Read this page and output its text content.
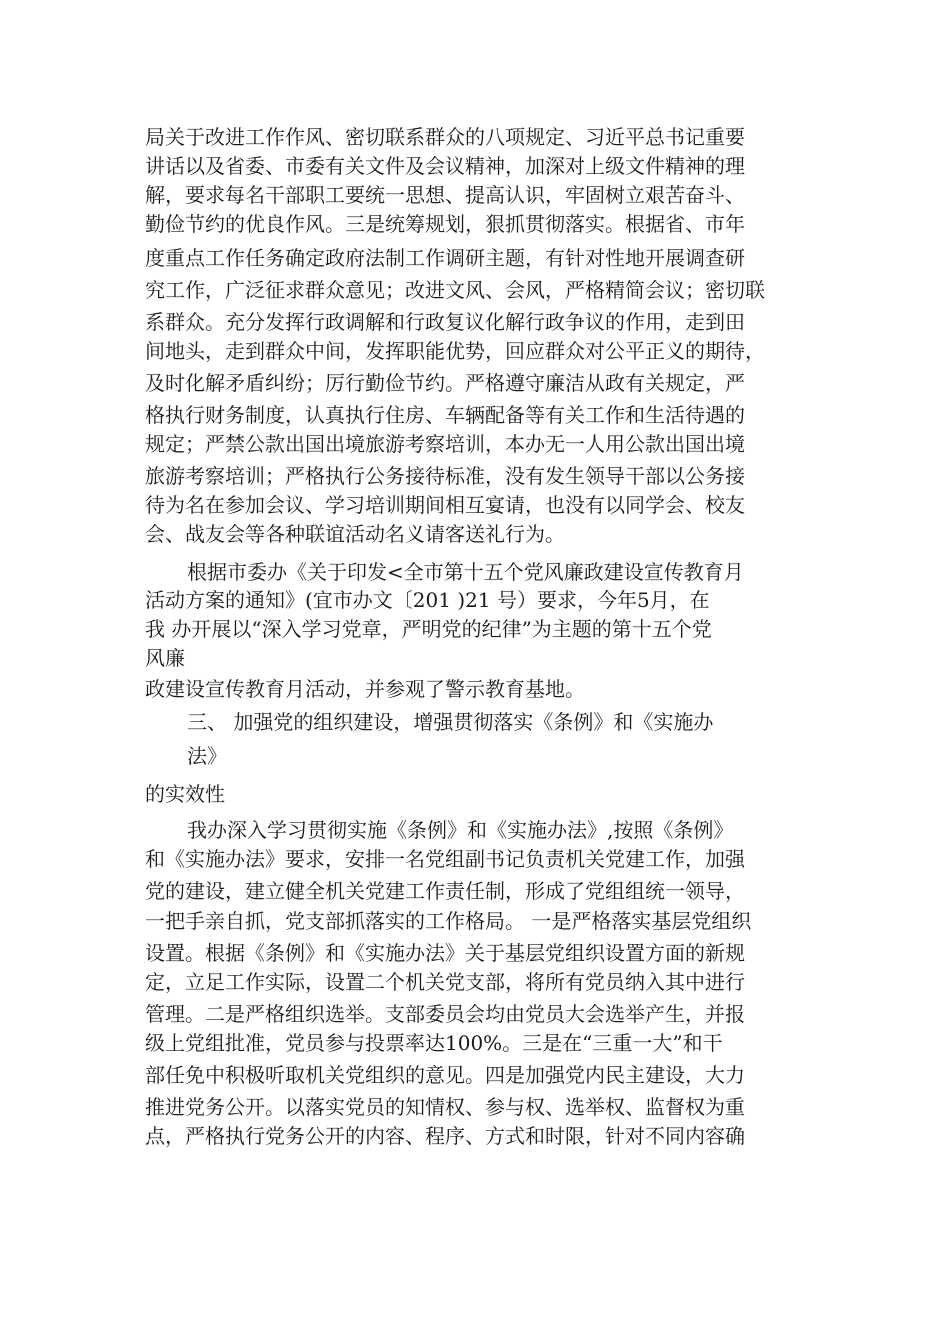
局关于改进工作作风、密切联系群众的八项规定、习近平总书记重要
讲话以及省委、市委有关文件及会议精神，加深对上级文件精神的理
解，要求每名干部职工要统一思想、提高认识，牢固树立艰苦奋斗、
勤俭节约的优良作风。三是统筹规划，狠抓贯彻落实。根据省、市年
度重点工作任务确定政府法制工作调研主题，有针对性地开展调查研
究工作，广泛征求群众意见；改进文风、会风，严格精简会议；密切联
系群众。充分发挥行政调解和行政复议化解行政争议的作用，走到田
间地头，走到群众中间，发挥职能优势，回应群众对公平正义的期待，
及时化解矛盾纠纷；厉行勤俭节约。严格遵守廉洁从政有关规定，严
格执行财务制度，认真执行住房、车辆配备等有关工作和生活待遇的
规定；严禁公款出国出境旅游考察培训，本办无一人用公款出国出境
旅游考察培训；严格执行公务接待标准，没有发生领导干部以公务接
待为名在参加会议、学习培训期间相互宴请，也没有以同学会、校友
会、战友会等各种联谊活动名义请客送礼行为。
根据市委办《关于印发<全市第十五个党风廉政建设宣传教育月
活动方案的通知》(宜市办文〔201 )21 号）要求，今年5月，在
我 办开展以“深入学习党章，严明党的纪律”为主题的第十五个党
风廉
政建设宣传教育月活动，并参观了警示教育基地。
三、 加强党的组织建设，增强贯彻落实《条例》和《实施办
法》
的实效性
我办深入学习贯彻实施《条例》和《实施办法》,按照《条例》
和《实施办法》要求，安排一名党组副书记负责机关党建工作，加强
党的建设，建立健全机关党建工作责任制，形成了党组组统一领导，
一把手亲自抓，党支部抓落实的工作格局。 一是严格落实基层党组织
设置。根据《条例》和《实施办法》关于基层党组织设置方面的新规
定，立足工作实际，设置二个机关党支部，将所有党员纳入其中进行
管理。二是严格组织选举。支部委员会均由党员大会选举产生，并报
级上党组批准，党员参与投票率达100%。三是在“三重一大”和干
部任免中积极听取机关党组织的意见。四是加强党内民主建设，大力
推进党务公开。以落实党员的知情权、参与权、选举权、监督权为重
点，严格执行党务公开的内容、程序、方式和时限，针对不同内容确
